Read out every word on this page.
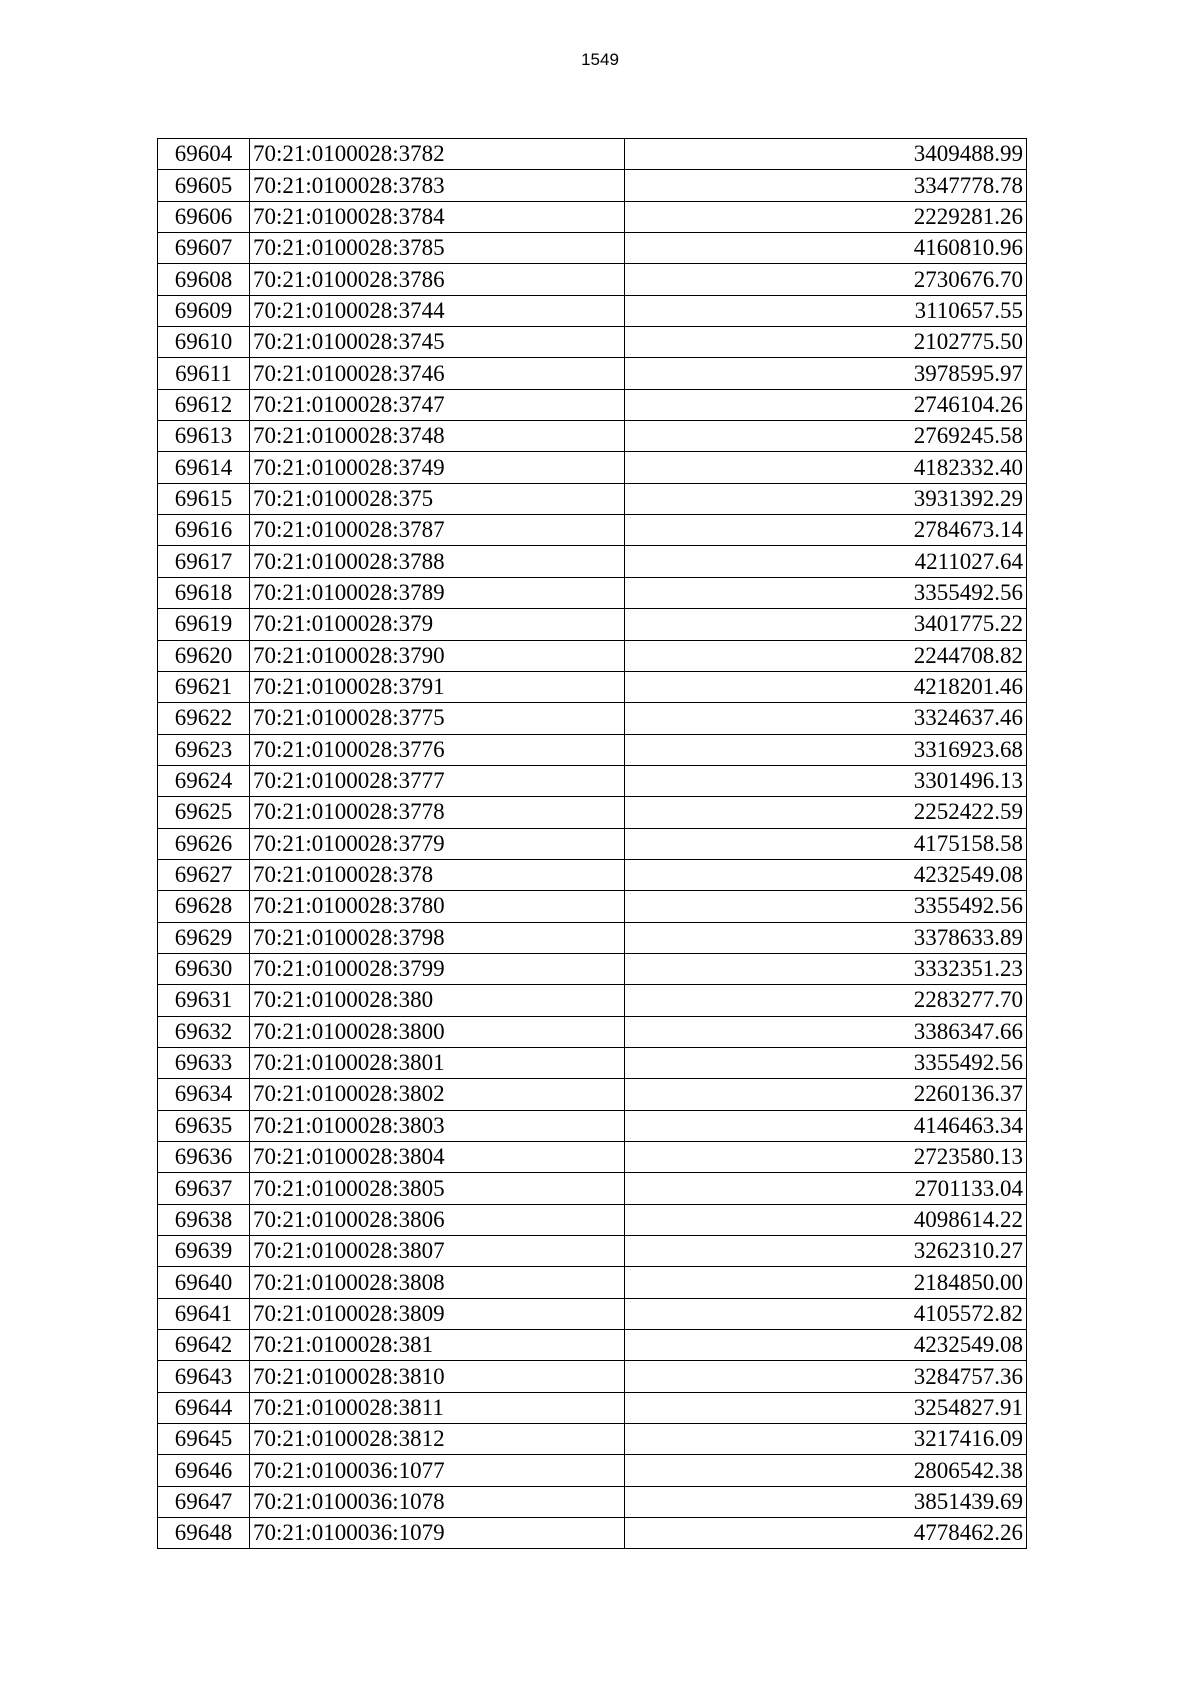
1549
69604	70:21:0100028:3782	3409488.99
69605	70:21:0100028:3783	3347778.78
69606	70:21:0100028:3784	2229281.26
69607	70:21:0100028:3785	4160810.96
69608	70:21:0100028:3786	2730676.70
69609	70:21:0100028:3744	3110657.55
69610	70:21:0100028:3745	2102775.50
69611	70:21:0100028:3746	3978595.97
69612	70:21:0100028:3747	2746104.26
69613	70:21:0100028:3748	2769245.58
69614	70:21:0100028:3749	4182332.40
69615	70:21:0100028:375	3931392.29
69616	70:21:0100028:3787	2784673.14
69617	70:21:0100028:3788	4211027.64
69618	70:21:0100028:3789	3355492.56
69619	70:21:0100028:379	3401775.22
69620	70:21:0100028:3790	2244708.82
69621	70:21:0100028:3791	4218201.46
69622	70:21:0100028:3775	3324637.46
69623	70:21:0100028:3776	3316923.68
69624	70:21:0100028:3777	3301496.13
69625	70:21:0100028:3778	2252422.59
69626	70:21:0100028:3779	4175158.58
69627	70:21:0100028:378	4232549.08
69628	70:21:0100028:3780	3355492.56
69629	70:21:0100028:3798	3378633.89
69630	70:21:0100028:3799	3332351.23
69631	70:21:0100028:380	2283277.70
69632	70:21:0100028:3800	3386347.66
69633	70:21:0100028:3801	3355492.56
69634	70:21:0100028:3802	2260136.37
69635	70:21:0100028:3803	4146463.34
69636	70:21:0100028:3804	2723580.13
69637	70:21:0100028:3805	2701133.04
69638	70:21:0100028:3806	4098614.22
69639	70:21:0100028:3807	3262310.27
69640	70:21:0100028:3808	2184850.00
69641	70:21:0100028:3809	4105572.82
69642	70:21:0100028:381	4232549.08
69643	70:21:0100028:3810	3284757.36
69644	70:21:0100028:3811	3254827.91
69645	70:21:0100028:3812	3217416.09
69646	70:21:0100036:1077	2806542.38
69647	70:21:0100036:1078	3851439.69
69648	70:21:0100036:1079	4778462.26
